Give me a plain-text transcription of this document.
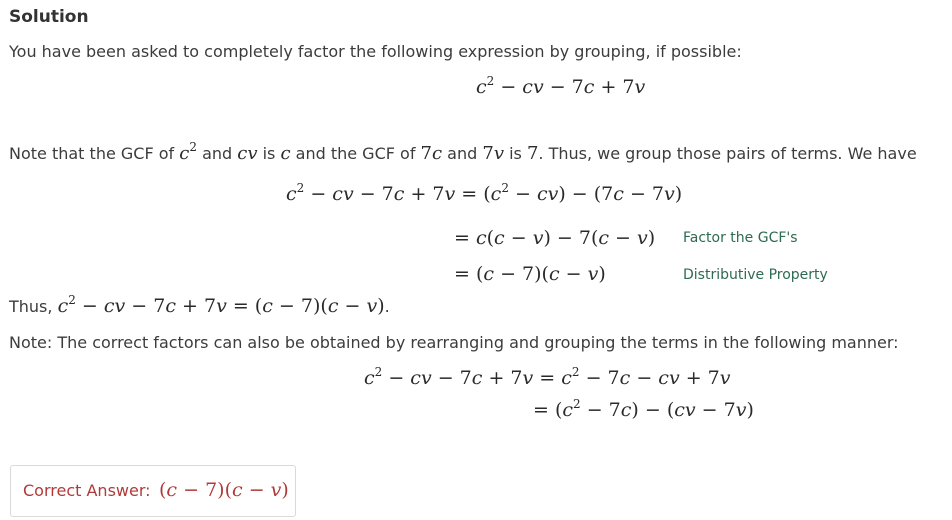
Solution
You have been asked to completely factor the following expression by grouping, if possible:
$c^2$ − cv − 7c + 7v
Note that the GCF of $c^2$ and cv is c and the GCF of 7c and 7v is 7. Thus, we group those pairs of terms. We have
$c^2$ − cv − $7c + 7v = (c^2 - cv) - (7c - 7v)$
= c(c − v) − 7(c − v) Factor the GCF's
= (c − 7)(c − v)	Distributive Property
Thus, $c^2$ − cv − 7c + 7v = (c − 7)(c − v).
Note: The correct factors can also be obtained by rearranging and grouping the terms in the following manner:
$c^2$ − cv − $7c + 7v = c^2 - 7c$ − cv + 7v
= $(c^2 - 7c) - (cv - 7v)$
Correct Answer: (c − 7)(c − v)
